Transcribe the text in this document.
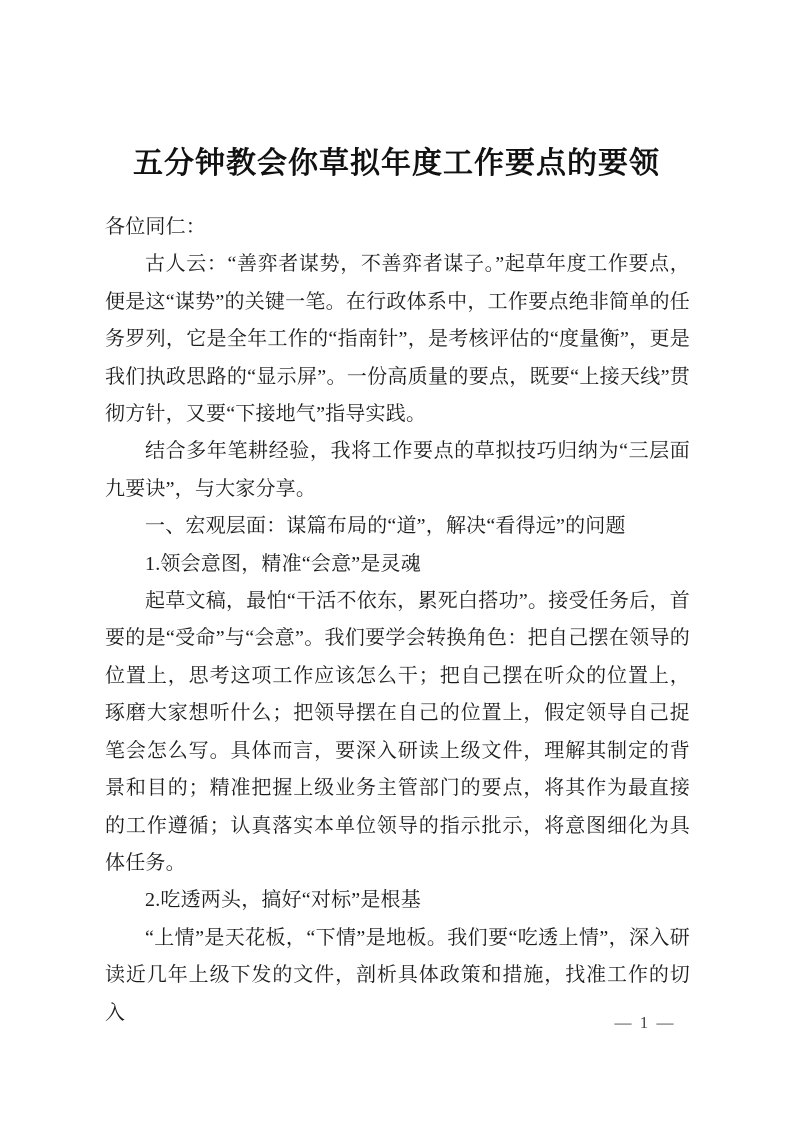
五分钟教会你草拟年度工作要点的要领

各位同仁：

古人云：“善弈者谋势，不善弈者谋子。”起草年度工作要点，便是这“谋势”的关键一笔。在行政体系中，工作要点绝非简单的任务罗列，它是全年工作的“指南针”，是考核评估的“度量衡”，更是我们执政思路的“显示屏”。一份高质量的要点，既要“上接天线”贯彻方针，又要“下接地气”指导实践。

结合多年笔耕经验，我将工作要点的草拟技巧归纳为“三层面九要诀”，与大家分享。

一、宏观层面：谋篇布局的“道”，解决“看得远”的问题

1.领会意图，精准“会意”是灵魂

起草文稿，最怕“干活不依东，累死白搭功”。接受任务后，首要的是“受命”与“会意”。我们要学会转换角色：把自己摆在领导的位置上，思考这项工作应该怎么干；把自己摆在听众的位置上，琢磨大家想听什么；把领导摆在自己的位置上，假定领导自己捉笔会怎么写。具体而言，要深入研读上级文件，理解其制定的背景和目的；精准把握上级业务主管部门的要点，将其作为最直接的工作遵循；认真落实本单位领导的指示批示，将意图细化为具体任务。

2.吃透两头，搞好“对标”是根基

“上情”是天花板，“下情”是地板。我们要“吃透上情”，深入研读近几年上级下发的文件，剖析具体政策和措施，找准工作的切入	— 1 —
